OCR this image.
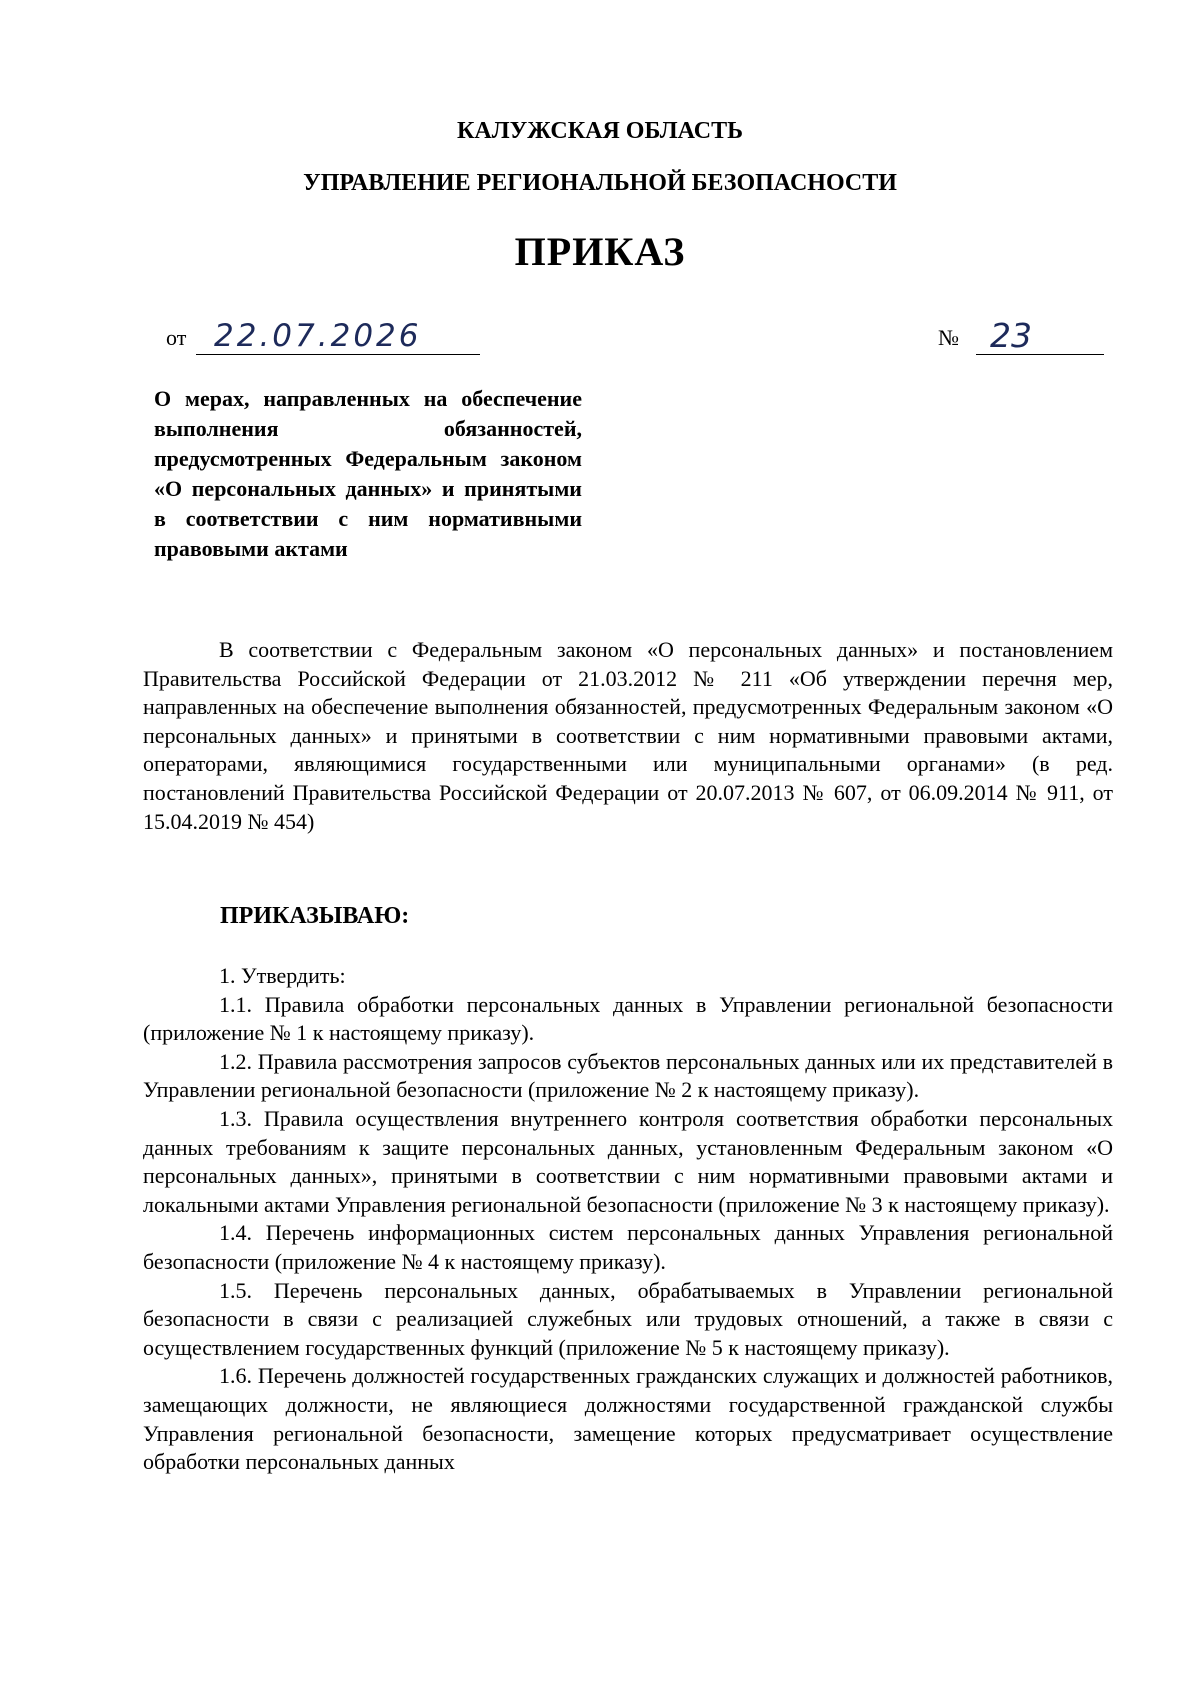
КАЛУЖСКАЯ ОБЛАСТЬ
УПРАВЛЕНИЕ РЕГИОНАЛЬНОЙ БЕЗОПАСНОСТИ
ПРИКАЗ
от 22.07.2026	№ 23
О мерах, направленных на обеспечение выполнения обязанностей, предусмотренных Федеральным законом «О персональных данных» и принятыми в соответствии с ним нормативными правовыми актами

В соответствии с Федеральным законом «О персональных данных» и постановлением Правительства Российской Федерации от 21.03.2012 № 211 «Об утверждении перечня мер, направленных на обеспечение выполнения обязанностей, предусмотренных Федеральным законом «О персональных данных» и принятыми в соответствии с ним нормативными правовыми актами, операторами, являющимися государственными или муниципальными органами» (в ред. постановлений Правительства Российской Федерации от 20.07.2013 № 607, от 06.09.2014 № 911, от 15.04.2019 № 454)

ПРИКАЗЫВАЮ:

1. Утвердить:

1.1. Правила обработки персональных данных в Управлении региональной безопасности (приложение № 1 к настоящему приказу).

1.2. Правила рассмотрения запросов субъектов персональных данных или их представителей в Управлении региональной безопасности (приложение № 2 к настоящему приказу).

1.3. Правила осуществления внутреннего контроля соответствия обработки персональных данных требованиям к защите персональных данных, установленным Федеральным законом «О персональных данных», принятыми в соответствии с ним нормативными правовыми актами и локальными актами Управления региональной безопасности (приложение № 3 к настоящему приказу).

1.4. Перечень информационных систем персональных данных Управления региональной безопасности (приложение № 4 к настоящему приказу).

1.5. Перечень персональных данных, обрабатываемых в Управлении региональной безопасности в связи с реализацией служебных или трудовых отношений, а также в связи с осуществлением государственных функций (приложение № 5 к настоящему приказу).

1.6. Перечень должностей государственных гражданских служащих и должностей работников, замещающих должности, не являющиеся должностями государственной гражданской службы Управления региональной безопасности, замещение которых предусматривает осуществление обработки персональных данных
